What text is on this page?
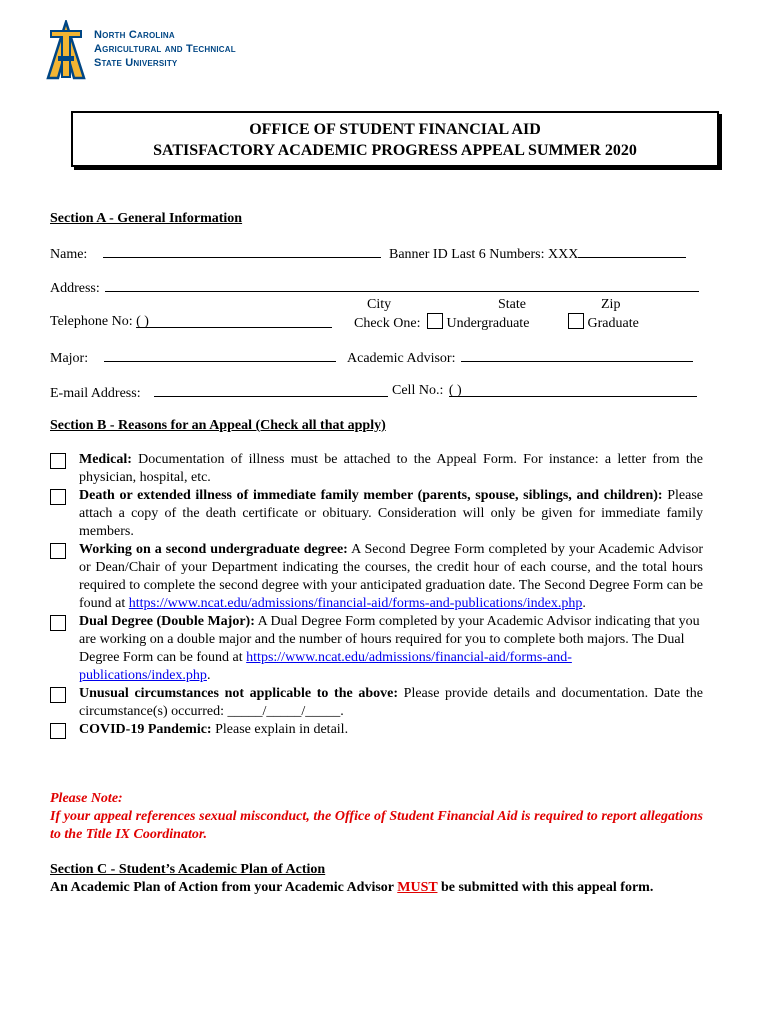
North Carolina
Agricultural and Technical
State University
OFFICE OF STUDENT FINANCIAL AID
SATISFACTORY ACADEMIC PROGRESS APPEAL SUMMER 2020
Section A - General Information
Name:	Banner ID Last 6 Numbers: XXX
Address:
City	State	Zip
Telephone No: ( )	Check One: Undergraduate	Graduate
Major:	Academic Advisor:
E-mail Address:	Cell No.: ( )
Section B - Reasons for an Appeal (Check all that apply)
Medical: Documentation of illness must be attached to the Appeal Form. For instance: a letter from the physician, hospital, etc.
Death or extended illness of immediate family member (parents, spouse, siblings, and children): Please attach a copy of the death certificate or obituary. Consideration will only be given for immediate family members.
Working on a second undergraduate degree: A Second Degree Form completed by your Academic Advisor or Dean/Chair of your Department indicating the courses, the credit hour of each course, and the total hours required to complete the second degree with your anticipated graduation date. The Second Degree Form can be found at https://www.ncat.edu/admissions/financial-aid/forms-and-publications/index.php.
Dual Degree (Double Major): A Dual Degree Form completed by your Academic Advisor indicating that you are working on a double major and the number of hours required for you to complete both majors. The Dual Degree Form can be found at https://www.ncat.edu/admissions/financial-aid/forms-and-publications/index.php.
Unusual circumstances not applicable to the above: Please provide details and documentation. Date the circumstance(s) occurred: _____/_____/_____.
COVID-19 Pandemic: Please explain in detail.
Please Note:
If your appeal references sexual misconduct, the Office of Student Financial Aid is required to report allegations to the Title IX Coordinator.
Section C - Student’s Academic Plan of Action
An Academic Plan of Action from your Academic Advisor MUST be submitted with this appeal form.
